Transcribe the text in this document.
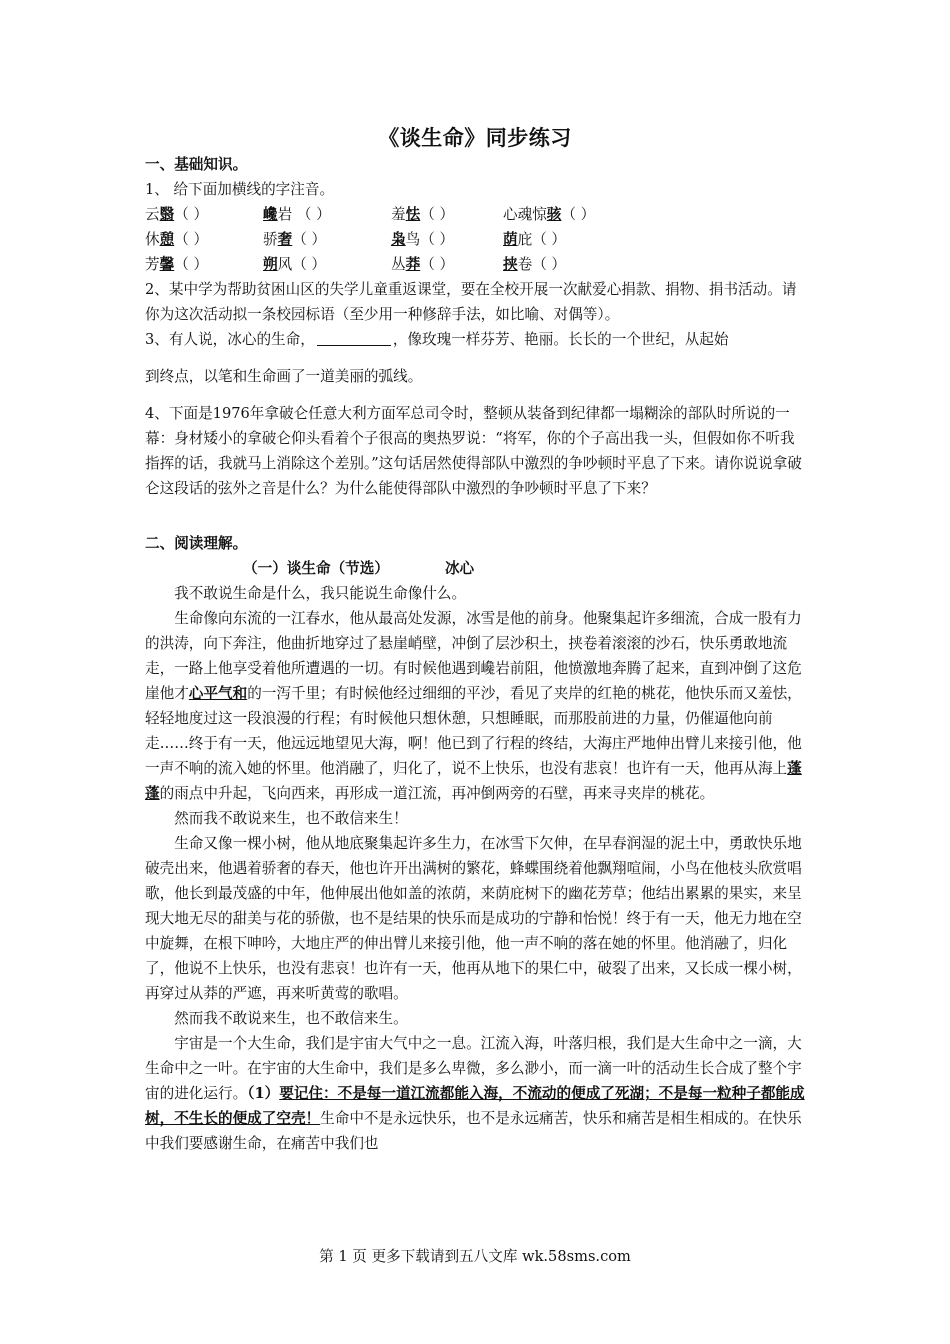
《谈生命》同步练习

一、基础知识。

1、 给下面加横线的字注音。

云翳（ ）	巉岩 （ ）	羞怯（ ）	心魂惊骇（ ）
休憩（ ）	骄奢（ ）	枭鸟（ ）	荫庇（ ）
芳馨（ ）	朔风（ ）	丛莽（ ）	挟卷（ ）

2、某中学为帮助贫困山区的失学儿童重返课堂，要在全校开展一次献爱心捐款、捐物、捐书活动。请你为这次活动拟一条校园标语（至少用一种修辞手法，如比喻、对偶等）。

3、有人说，冰心的生命，	，像玫瑰一样芬芳、艳丽。长长的一个世纪，从起始

到终点，以笔和生命画了一道美丽的弧线。

4、下面是1976年拿破仑任意大利方面军总司令时，整顿从装备到纪律都一塌糊涂的部队时所说的一幕：身材矮小的拿破仑仰头看着个子很高的奥热罗说：“将军，你的个子高出我一头，但假如你不听我指挥的话，我就马上消除这个差别。”这句话居然使得部队中激烈的争吵顿时平息了下来。请你说说拿破仑这段话的弦外之音是什么？为什么能使得部队中激烈的争吵顿时平息了下来？

二、阅读理解。

（一）谈生命（节选）	冰心

我不敢说生命是什么，我只能说生命像什么。

生命像向东流的一江春水，他从最高处发源，冰雪是他的前身。他聚集起许多细流，合成一股有力的洪涛，向下奔注，他曲折地穿过了悬崖峭壁，冲倒了层沙积土，挟卷着滚滚的沙石，快乐勇敢地流走，一路上他享受着他所遭遇的一切。有时候他遇到巉岩前阻，他愤激地奔腾了起来，直到冲倒了这危崖他才心平气和的一泻千里；有时候他经过细细的平沙，看见了夹岸的红艳的桃花，他快乐而又羞怯，轻轻地度过这一段浪漫的行程；有时候他只想休憩，只想睡眠，而那股前进的力量，仍催逼他向前走……终于有一天，他远远地望见大海，啊！他已到了行程的终结，大海庄严地伸出臂儿来接引他，他一声不响的流入她的怀里。他消融了，归化了，说不上快乐，也没有悲哀！也许有一天，他再从海上蓬蓬的雨点中升起，飞向西来，再形成一道江流，再冲倒两旁的石壁，再来寻夹岸的桃花。

然而我不敢说来生，也不敢信来生！

生命又像一棵小树，他从地底聚集起许多生力，在冰雪下欠伸，在早春润湿的泥土中，勇敢快乐地破壳出来，他遇着骄奢的春天，他也许开出满树的繁花，蜂蝶围绕着他飘翔喧闹，小鸟在他枝头欣赏唱歌，他长到最茂盛的中年，他伸展出他如盖的浓荫，来荫庇树下的幽花芳草；他结出累累的果实，来呈现大地无尽的甜美与花的骄傲，也不是结果的快乐而是成功的宁静和怡悦！终于有一天，他无力地在空中旋舞，在根下呻吟，大地庄严的伸出臂儿来接引他，他一声不响的落在她的怀里。他消融了，归化了，他说不上快乐，也没有悲哀！也许有一天，他再从地下的果仁中，破裂了出来，又长成一棵小树，再穿过从莽的严遮，再来听黄莺的歌唱。

然而我不敢说来生，也不敢信来生。

宇宙是一个大生命，我们是宇宙大气中之一息。江流入海，叶落归根，我们是大生命中之一滴，大生命中之一叶。在宇宙的大生命中，我们是多么卑微，多么渺小，而一滴一叶的活动生长合成了整个宇宙的进化运行。（1）要记住：不是每一道江流都能入海，不流动的便成了死湖；不是每一粒种子都能成树，不生长的便成了空壳！生命中不是永远快乐，也不是永远痛苦，快乐和痛苦是相生相成的。在快乐中我们要感谢生命，在痛苦中我们也

第 1 页 更多下载请到五八文库 wk.58sms.com
